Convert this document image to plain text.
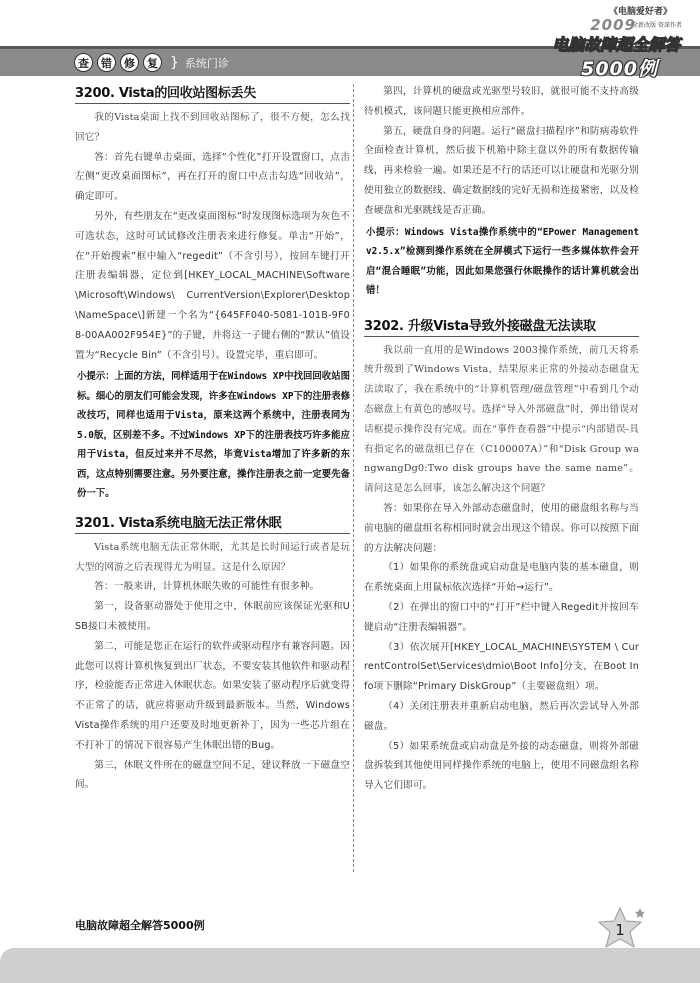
2009
《电脑爱好者》
全新改版 资深作者
电脑故障超全解答
5000例
查	错	修	复 } 系统门诊
3200. Vista的回收站图标丢失

我的Vista桌面上找不到回收站图标了，很不方便，怎么找回它？

答：首先右键单击桌面，选择“个性化”打开设置窗口，点击左侧“更改桌面图标”，再在打开的窗口中点击勾选“回收站”，确定即可。

另外，有些朋友在“更改桌面图标”时发现图标选项为灰色不可选状态，这时可试试修改注册表来进行修复。单击“开始”，在“开始搜索”框中输入“regedit”（不含引号），按回车键打开注册表编辑器，定位到[HKEY_LOCAL_MACHINE\Software\Microsoft\Windows\ CurrentVersion\Explorer\Desktop\NameSpace\]新建一个名为“{645FF040-5081-101B-9F08-00AA002F954E}”的子键，并将这一子键右侧的“默认”值设置为“Recycle Bin”（不含引号）。设置完毕，重启即可。

小提示：上面的方法，同样适用于在Windows XP中找回回收站图标。细心的朋友们可能会发现，许多在Windows XP下的注册表修改技巧，同样也适用于Vista，原来这两个系统中，注册表同为5.0版，区别差不多。不过Windows XP下的注册表技巧许多能应用于Vista，但反过来并不尽然，毕竟Vista增加了许多新的东西，这点特别需要注意。另外要注意，操作注册表之前一定要先备份一下。
3201. Vista系统电脑无法正常休眠

Vista系统电脑无法正常休眠，尤其是长时间运行或者是玩大型的网游之后表现得尤为明显。这是什么原因？

答：一般来讲，计算机休眠失败的可能性有很多种。

第一，设备驱动器处于使用之中，休眠前应该保证光驱和USB接口未被使用。

第二，可能是您正在运行的软件或驱动程序有兼容问题。因此您可以将计算机恢复到出厂状态，不要安装其他软件和驱动程序，检验能否正常进入休眠状态。如果安装了驱动程序后就变得不正常了的话，就应将驱动升级到最新版本。当然，Windows Vista操作系统的用户还要及时地更新补丁，因为一些芯片组在不打补丁的情况下很容易产生休眠出错的Bug。

第三，休眠文件所在的磁盘空间不足，建议释放一下磁盘空间。

第四，计算机的硬盘或光驱型号较旧，就很可能不支持高级待机模式，该问题只能更换相应部件。

第五，硬盘自身的问题。运行“磁盘扫描程序”和防病毒软件全面检查计算机，然后拔下机箱中除主盘以外的所有数据传输线，再来检验一遍。如果还是不行的话还可以让硬盘和光驱分别使用独立的数据线、确定数据线的完好无损和连接紧密，以及检查硬盘和光驱跳线是否正确。

小提示：Windows Vista操作系统中的“EPower Management v2.5.x”检测到操作系统在全屏模式下运行一些多媒体软件会开启“混合睡眠”功能，因此如果您强行休眠操作的话计算机就会出错！
3202. 升级Vista导致外接磁盘无法读取

我以前一直用的是Windows 2003操作系统，前几天将系统升级到了Windows Vista，结果原来正常的外接动态磁盘无法读取了，我在系统中的“计算机管理/磁盘管理”中看到几个动态磁盘上有黄色的感叹号。选择“导入外部磁盘”时，弹出错误对话框提示操作没有完成。而在“事件查看器”中提示“内部错误-具有指定名的磁盘组已存在（C100007A）”和“Disk Group wangwangDg0:Two disk groups have the same name”。请问这是怎么回事，该怎么解决这个问题？

答：如果你在导入外部动态磁盘时，使用的磁盘组名称与当前电脑的磁盘组名称相同时就会出现这个错误。你可以按照下面的方法解决问题：

（1）如果你的系统盘或启动盘是电脑内装的基本磁盘，则在系统桌面上用鼠标依次选择“开始→运行”。

（2）在弹出的窗口中的“打开”栏中键入Regedit并按回车键启动“注册表编辑器”。

（3）依次展开[HKEY_LOCAL_MACHINE\SYSTEM \ CurrentControlSet\Services\dmio\Boot Info]分支，在Boot Info项下删除“Primary DiskGroup”（主要磁盘组）项。

（4）关闭注册表并重新启动电脑，然后再次尝试导入外部磁盘。

（5）如果系统盘或启动盘是外接的动态磁盘，则将外部磁盘拆装到其他使用同样操作系统的电脑上，使用不同磁盘组名称导入它们即可。

电脑故障超全解答5000例	1
